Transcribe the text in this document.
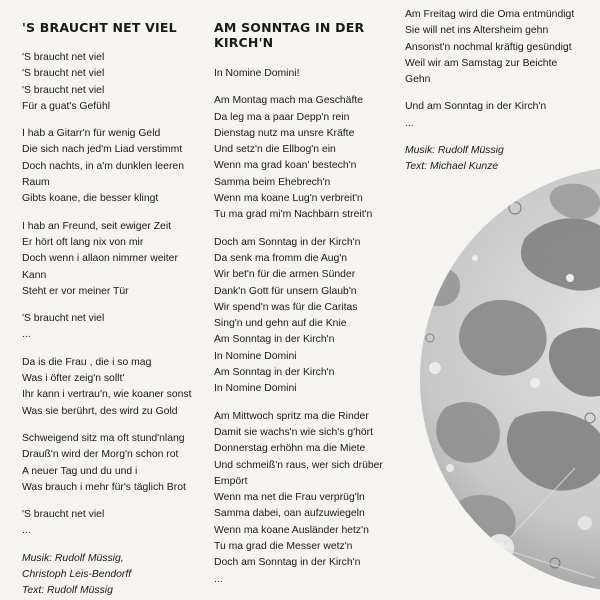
'S BRAUCHT NET VIEL
'S braucht net viel
'S braucht net viel
'S braucht net viel
Für a guat's Gefühl
I hab a Gitarr'n für wenig Geld
Die sich nach jed'm Liad verstimmt
Doch nachts, in a'm dunklen leeren
Raum
Gibts koane, die besser klingt
I hab an Freund, seit ewiger Zeit
Er hört oft lang nix von mir
Doch wenn i allaon nimmer weiter
Kann
Steht er vor meiner Tür
'S braucht net viel
...
Da is die Frau , die i so mag
Was i öfter zeig'n sollt'
Ihr kann i vertrau'n, wie koaner sonst
Was sie berührt, des wird zu Gold
Schweigend sitz ma oft stund'nlang
Drauß'n wird der Morg'n schon rot
A neuer Tag und du und i
Was brauch i mehr für's täglich Brot
'S braucht net viel
...
Musik: Rudolf Müssig,
Christoph Leis-Bendorff
Text: Rudolf Müssig
AM SONNTAG IN DER
KIRCH'N
In Nomine Domini!
Am Montag mach ma Geschäfte
Da leg ma a paar Depp'n rein
Dienstag nutz ma unsre Kräfte
Und setz'n die Ellbog'n ein
Wenn ma grad koan' bestech'n
Samma beim Ehebrech'n
Wenn ma koane Lug'n verbreit'n
Tu ma grad mi'm Nachbarn streit'n
Doch am Sonntag in der Kirch'n
Da senk ma fromm die Aug'n
Wir bet'n für die armen Sünder
Dank'n Gott für unsern Glaub'n
Wir spend'n was für die Caritas
Sing'n und gehn auf die Knie
Am Sonntag in der Kirch'n
In Nomine Domini
Am Sonntag in der Kirch'n
In Nomine Domini
Am Mittwoch spritz ma die Rinder
Damit sie wachs'n wie sich's g'hört
Donnerstag erhöhn ma die Miete
Und schmeiß'n raus, wer sich drüber
Empört
Wenn ma net die Frau verprüg'ln
Samma dabei, oan aufzuwiegeln
Wenn ma koane Ausländer hetz'n
Tu ma grad die Messer wetz'n
Doch am Sonntag in der Kirch'n
...
Am Freitag wird die Oma entmündigt
Sie will net ins Altersheim gehn
Ansonst'n nochmal kräftig gesündigt
Weil wir am Samstag zur Beichte
Gehn
Und am Sonntag in der Kirch'n
...
Musik: Rudolf Müssig
Text: Michael Kunze
